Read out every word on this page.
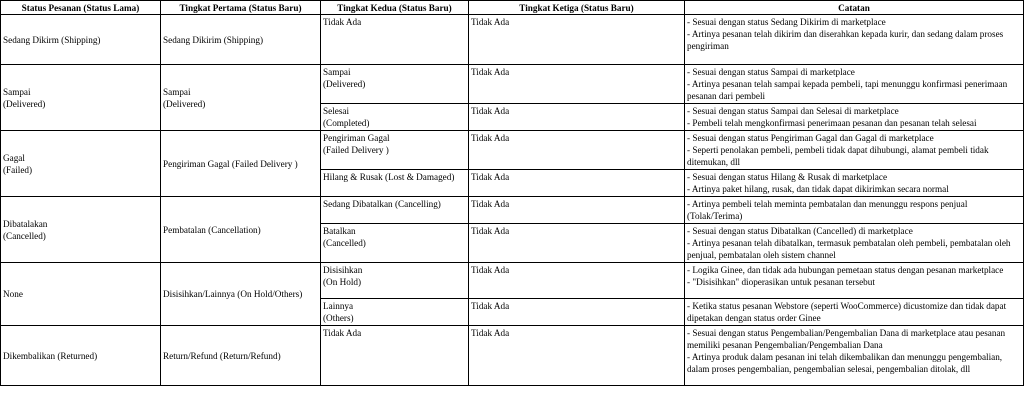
Status Pesanan (Status Lama)	Tingkat Pertama (Status Baru)	Tingkat Kedua (Status Baru)	Tingkat Ketiga (Status Baru)	Catatan

Sedang Dikirm (Shipping)	Sedang Dikirim (Shipping)	Tidak Ada	Tidak Ada	- Sesuai dengan status Sedang Dikirim di marketplace
- Artinya pesanan telah dikirim dan diserahkan kepada kurir, dan sedang dalam proses pengiriman

Sampai
(Delivered)	Sampai
(Delivered)	Sampai
(Delivered)	Tidak Ada	- Sesuai dengan status Sampai di marketplace
- Artinya pesanan telah sampai kepada pembeli, tapi menunggu konfirmasi penerimaan pesanan dari pembeli

		Selesai
(Completed)	Tidak Ada	- Sesuai dengan status Sampai dan Selesai di marketplace
- Pembeli telah mengkonfirmasi penerimaan pesanan dan pesanan telah selesai

Gagal
(Failed)	Pengiriman Gagal (Failed Delivery )	Pengiriman Gagal
(Failed Delivery )	Tidak Ada	- Sesuai dengan status Pengiriman Gagal dan Gagal di marketplace
- Seperti penolakan pembeli, pembeli tidak dapat dihubungi, alamat pembeli tidak ditemukan, dll

		Hilang & Rusak (Lost & Damaged)	Tidak Ada	- Sesuai dengan status Hilang & Rusak di marketplace
- Artinya paket hilang, rusak, dan tidak dapat dikirimkan secara normal

Dibatalakan
(Cancelled)	Pembatalan (Cancellation)	Sedang Dibatalkan (Cancelling)	Tidak Ada	- Artinya pembeli telah meminta pembatalan dan menunggu respons penjual (Tolak/Terima)

		Batalkan
(Cancelled)	Tidak Ada	- Sesuai dengan status Dibatalkan (Cancelled) di marketplace
- Artinya pesanan telah dibatalkan, termasuk pembatalan oleh pembeli, pembatalan oleh penjual, pembatalan oleh sistem channel

None	Disisihkan/Lainnya (On Hold/Others)	Disisihkan
(On Hold)	Tidak Ada	- Logika Ginee, dan tidak ada hubungan pemetaan status dengan pesanan marketplace
- "Disisihkan" dioperasikan untuk pesanan tersebut

		Lainnya
(Others)	Tidak Ada	- Ketika status pesanan Webstore (seperti WooCommerce) dicustomize dan tidak dapat dipetakan dengan status order Ginee

Dikembalikan (Returned)	Return/Refund (Return/Refund)	Tidak Ada	Tidak Ada	- Sesuai dengan status Pengembalian/Pengembalian Dana di marketplace atau pesanan memiliki pesanan Pengembalian/Pengembalian Dana
- Artinya produk dalam pesanan ini telah dikembalikan dan menunggu pengembalian, dalam proses pengembalian, pengembalian selesai, pengembalian ditolak, dll
